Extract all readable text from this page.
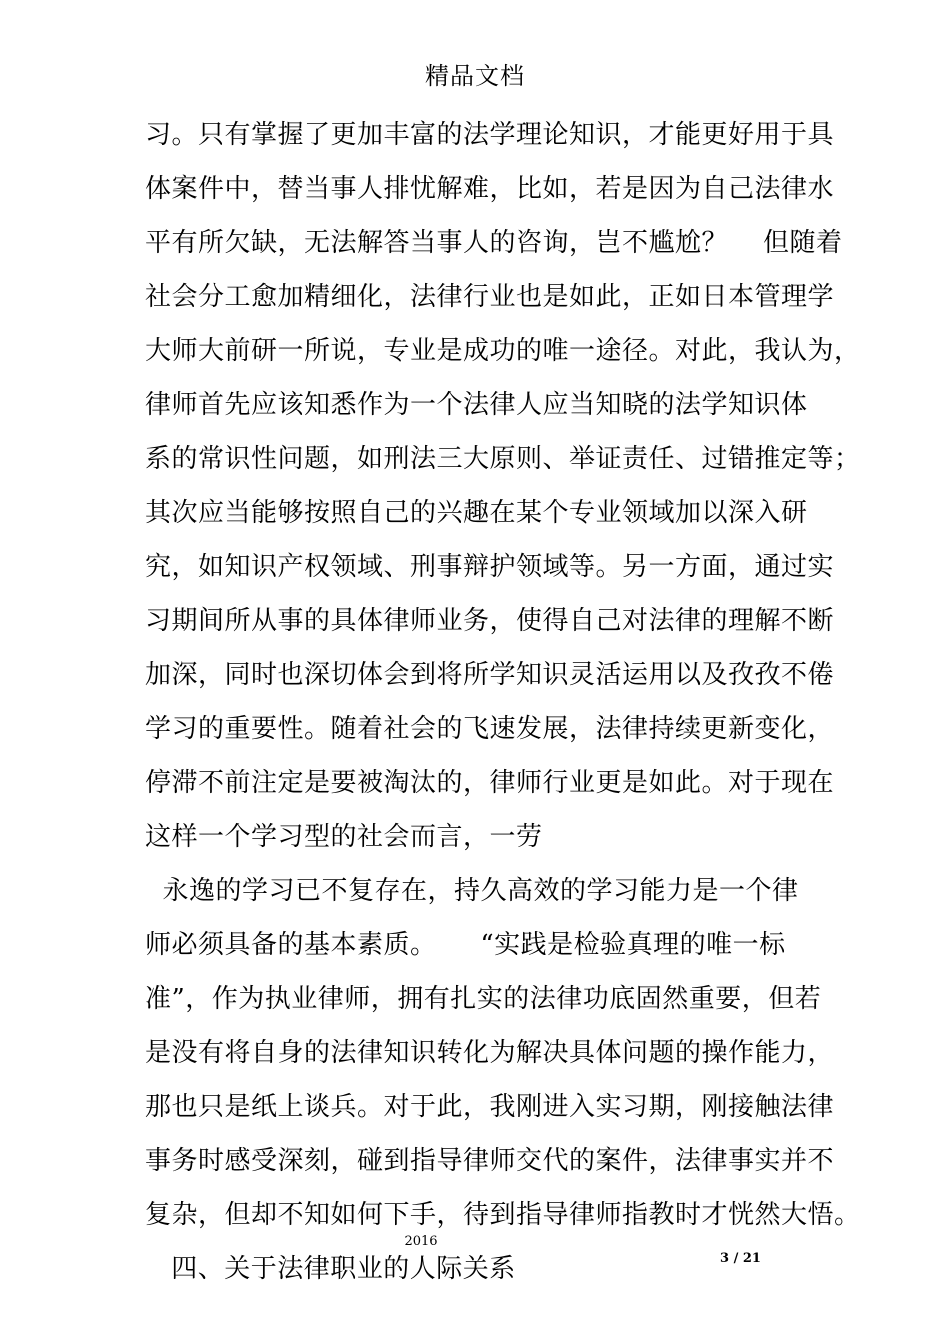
精品文档
习。只有掌握了更加丰富的法学理论知识，才能更好用于具
体案件中，替当事人排忧解难，比如，若是因为自己法律水
平有所欠缺，无法解答当事人的咨询，岂不尴尬？    但随着
社会分工愈加精细化，法律行业也是如此，正如日本管理学
大师大前研一所说，专业是成功的唯一途径。对此，我认为，
律师首先应该知悉作为一个法律人应当知晓的法学知识体
系的常识性问题，如刑法三大原则、举证责任、过错推定等；
其次应当能够按照自己的兴趣在某个专业领域加以深入研
究，如知识产权领域、刑事辩护领域等。另一方面，通过实
习期间所从事的具体律师业务，使得自己对法律的理解不断
加深，同时也深切体会到将所学知识灵活运用以及孜孜不倦
学习的重要性。随着社会的飞速发展，法律持续更新变化，
停滞不前注定是要被淘汰的，律师行业更是如此。对于现在
这样一个学习型的社会而言，一劳
永逸的学习已不复存在，持久高效的学习能力是一个律
师必须具备的基本素质。     “实践是检验真理的唯一标
准”，作为执业律师，拥有扎实的法律功底固然重要，但若
是没有将自身的法律知识转化为解决具体问题的操作能力，
那也只是纸上谈兵。对于此，我刚进入实习期，刚接触法律
事务时感受深刻，碰到指导律师交代的案件，法律事实并不
复杂，但却不知如何下手，待到指导律师指教时才恍然大悟。
四、关于法律职业的人际关系
2016
3 / 21
